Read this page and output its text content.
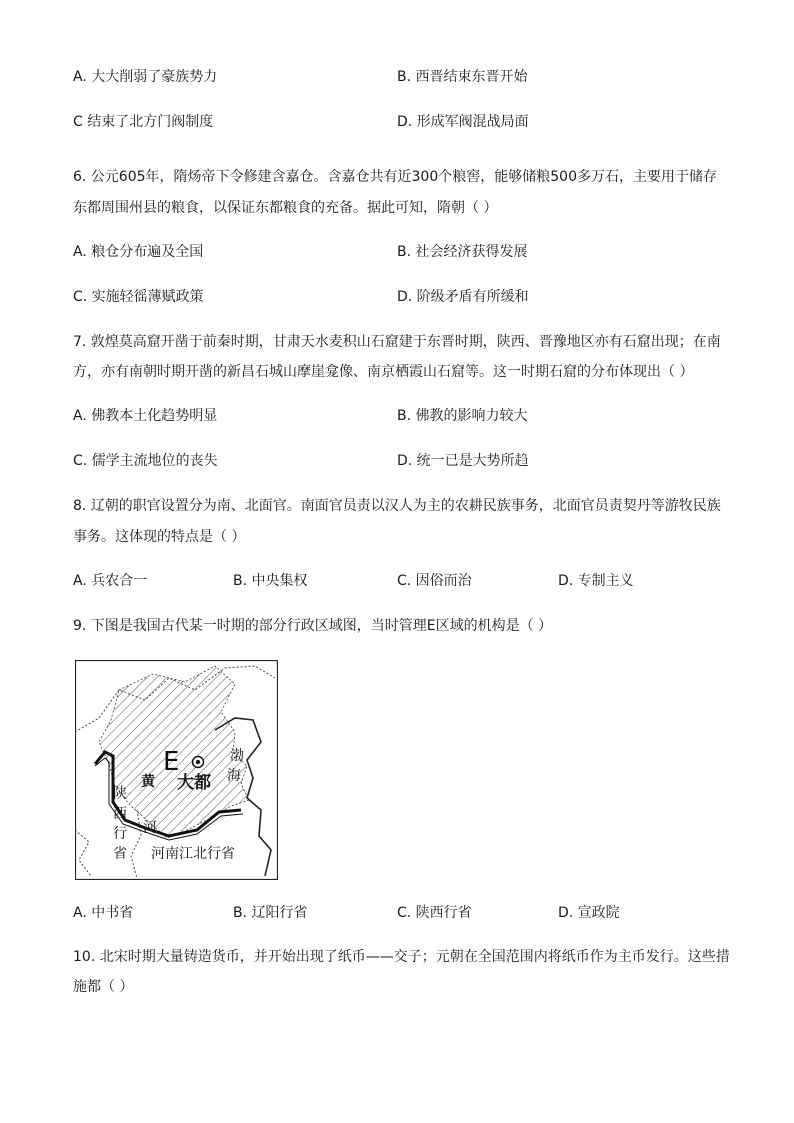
A. 大大削弱了豪族势力	B. 西晋结束东晋开始
C 结束了北方门阀制度	D. 形成军阀混战局面
6. 公元605年，隋炀帝下令修建含嘉仓。含嘉仓共有近300个粮窖，能够储粮500多万石，主要用于储存
东都周围州县的粮食，以保证东都粮食的充备。据此可知，隋朝（ ）
A. 粮仓分布遍及全国	B. 社会经济获得发展
C. 实施轻徭薄赋政策	D. 阶级矛盾有所缓和
7. 敦煌莫高窟开凿于前秦时期，甘肃天水麦积山石窟建于东晋时期，陕西、晋豫地区亦有石窟出现；在南
方，亦有南朝时期开凿的新昌石城山摩崖龛像、南京栖霞山石窟等。这一时期石窟的分布体现出（ ）
A. 佛教本土化趋势明显	B. 佛教的影响力较大
C. 儒学主流地位的丧失	D. 统一已是大势所趋
8. 辽朝的职官设置分为南、北面官。南面官员责以汉人为主的农耕民族事务，北面官员责契丹等游牧民族
事务。这体现的特点是（ ）
A. 兵农合一	B. 中央集权	C. 因俗而治	D. 专制主义
9. 下图是我国古代某一时期的部分行政区域图，当时管理E区域的机构是（ ）
E
大都
渤
海
黄
河
陕
西
行
省 河南江北行省
A. 中书省	B. 辽阳行省	C. 陕西行省	D. 宣政院
10. 北宋时期大量铸造货币，并开始出现了纸币——交子；元朝在全国范围内将纸币作为主币发行。这些措
施都（ ）
